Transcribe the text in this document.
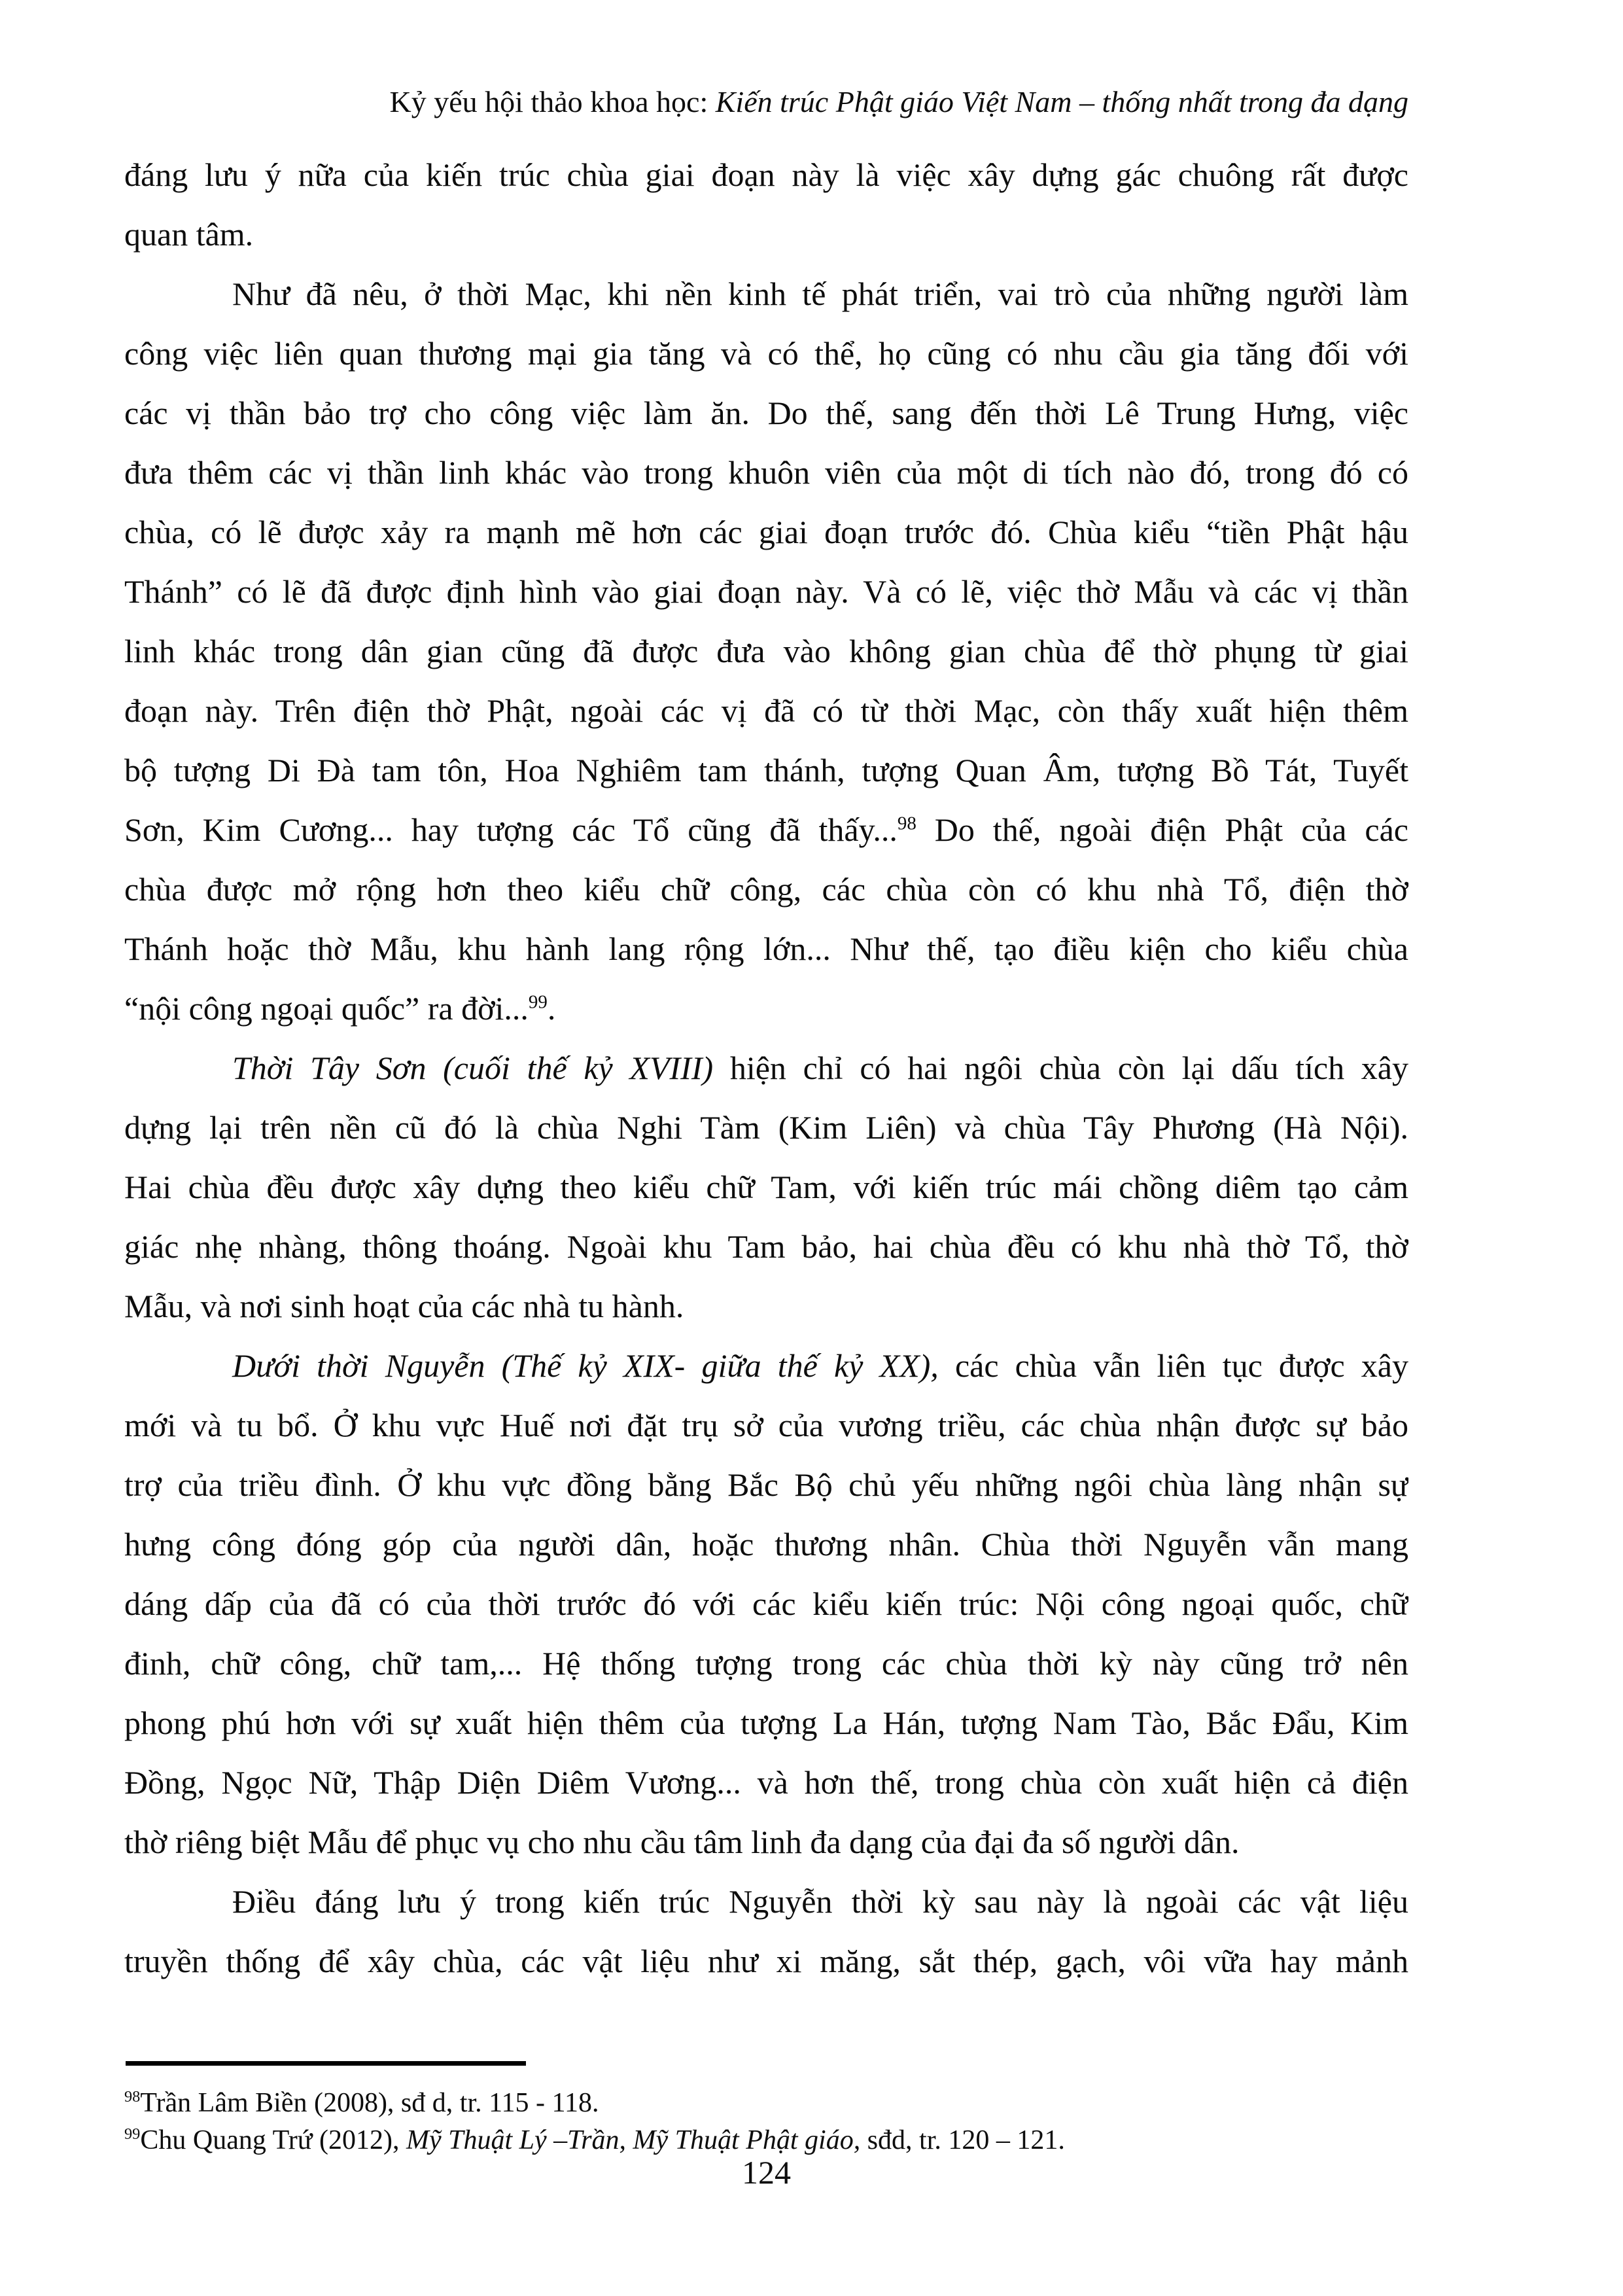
Kỷ yếu hội thảo khoa học: Kiến trúc Phật giáo Việt Nam – thống nhất trong đa dạng
đáng lưu ý nữa của kiến trúc chùa giai đoạn này là việc xây dựng gác chuông rất được
quan tâm.
Như đã nêu, ở thời Mạc, khi nền kinh tế phát triển, vai trò của những người làm
công việc liên quan thương mại gia tăng và có thể, họ cũng có nhu cầu gia tăng đối với
các vị thần bảo trợ cho công việc làm ăn. Do thế, sang đến thời Lê Trung Hưng, việc
đưa thêm các vị thần linh khác vào trong khuôn viên của một di tích nào đó, trong đó có
chùa, có lẽ được xảy ra mạnh mẽ hơn các giai đoạn trước đó. Chùa kiểu “tiền Phật hậu
Thánh” có lẽ đã được định hình vào giai đoạn này. Và có lẽ, việc thờ Mẫu và các vị thần
linh khác trong dân gian cũng đã được đưa vào không gian chùa để thờ phụng từ giai
đoạn này. Trên điện thờ Phật, ngoài các vị đã có từ thời Mạc, còn thấy xuất hiện thêm
bộ tượng Di Đà tam tôn, Hoa Nghiêm tam thánh, tượng Quan Âm, tượng Bồ Tát, Tuyết
Sơn, Kim Cương... hay tượng các Tổ cũng đã thấy...$^{98}$ Do thế, ngoài điện Phật của các
chùa được mở rộng hơn theo kiểu chữ công, các chùa còn có khu nhà Tổ, điện thờ
Thánh hoặc thờ Mẫu, khu hành lang rộng lớn... Như thế, tạo điều kiện cho kiểu chùa
“nội công ngoại quốc” ra đời...$^{99}$.
Thời Tây Sơn (cuối thế kỷ XVIII) hiện chỉ có hai ngôi chùa còn lại dấu tích xây
dựng lại trên nền cũ đó là chùa Nghi Tàm (Kim Liên) và chùa Tây Phương (Hà Nội).
Hai chùa đều được xây dựng theo kiểu chữ Tam, với kiến trúc mái chồng diêm tạo cảm
giác nhẹ nhàng, thông thoáng. Ngoài khu Tam bảo, hai chùa đều có khu nhà thờ Tổ, thờ
Mẫu, và nơi sinh hoạt của các nhà tu hành.
Dưới thời Nguyễn (Thế kỷ XIX- giữa thế kỷ XX), các chùa vẫn liên tục được xây
mới và tu bổ. Ở khu vực Huế nơi đặt trụ sở của vương triều, các chùa nhận được sự bảo
trợ của triều đình. Ở khu vực đồng bằng Bắc Bộ chủ yếu những ngôi chùa làng nhận sự
hưng công đóng góp của người dân, hoặc thương nhân. Chùa thời Nguyễn vẫn mang
dáng dấp của đã có của thời trước đó với các kiểu kiến trúc: Nội công ngoại quốc, chữ
đinh, chữ công, chữ tam,... Hệ thống tượng trong các chùa thời kỳ này cũng trở nên
phong phú hơn với sự xuất hiện thêm của tượng La Hán, tượng Nam Tào, Bắc Đẩu, Kim
Đồng, Ngọc Nữ, Thập Diện Diêm Vương... và hơn thế, trong chùa còn xuất hiện cả điện
thờ riêng biệt Mẫu để phục vụ cho nhu cầu tâm linh đa dạng của đại đa số người dân.
Điều đáng lưu ý trong kiến trúc Nguyễn thời kỳ sau này là ngoài các vật liệu
truyền thống để xây chùa, các vật liệu như xi măng, sắt thép, gạch, vôi vữa hay mảnh
$^{98}$Trần Lâm Biền (2008), sđ d, tr. 115 - 118.
$^{99}$Chu Quang Trứ (2012), Mỹ Thuật Lý –Trần, Mỹ Thuật Phật giáo, sđd, tr. 120 – 121.
124
